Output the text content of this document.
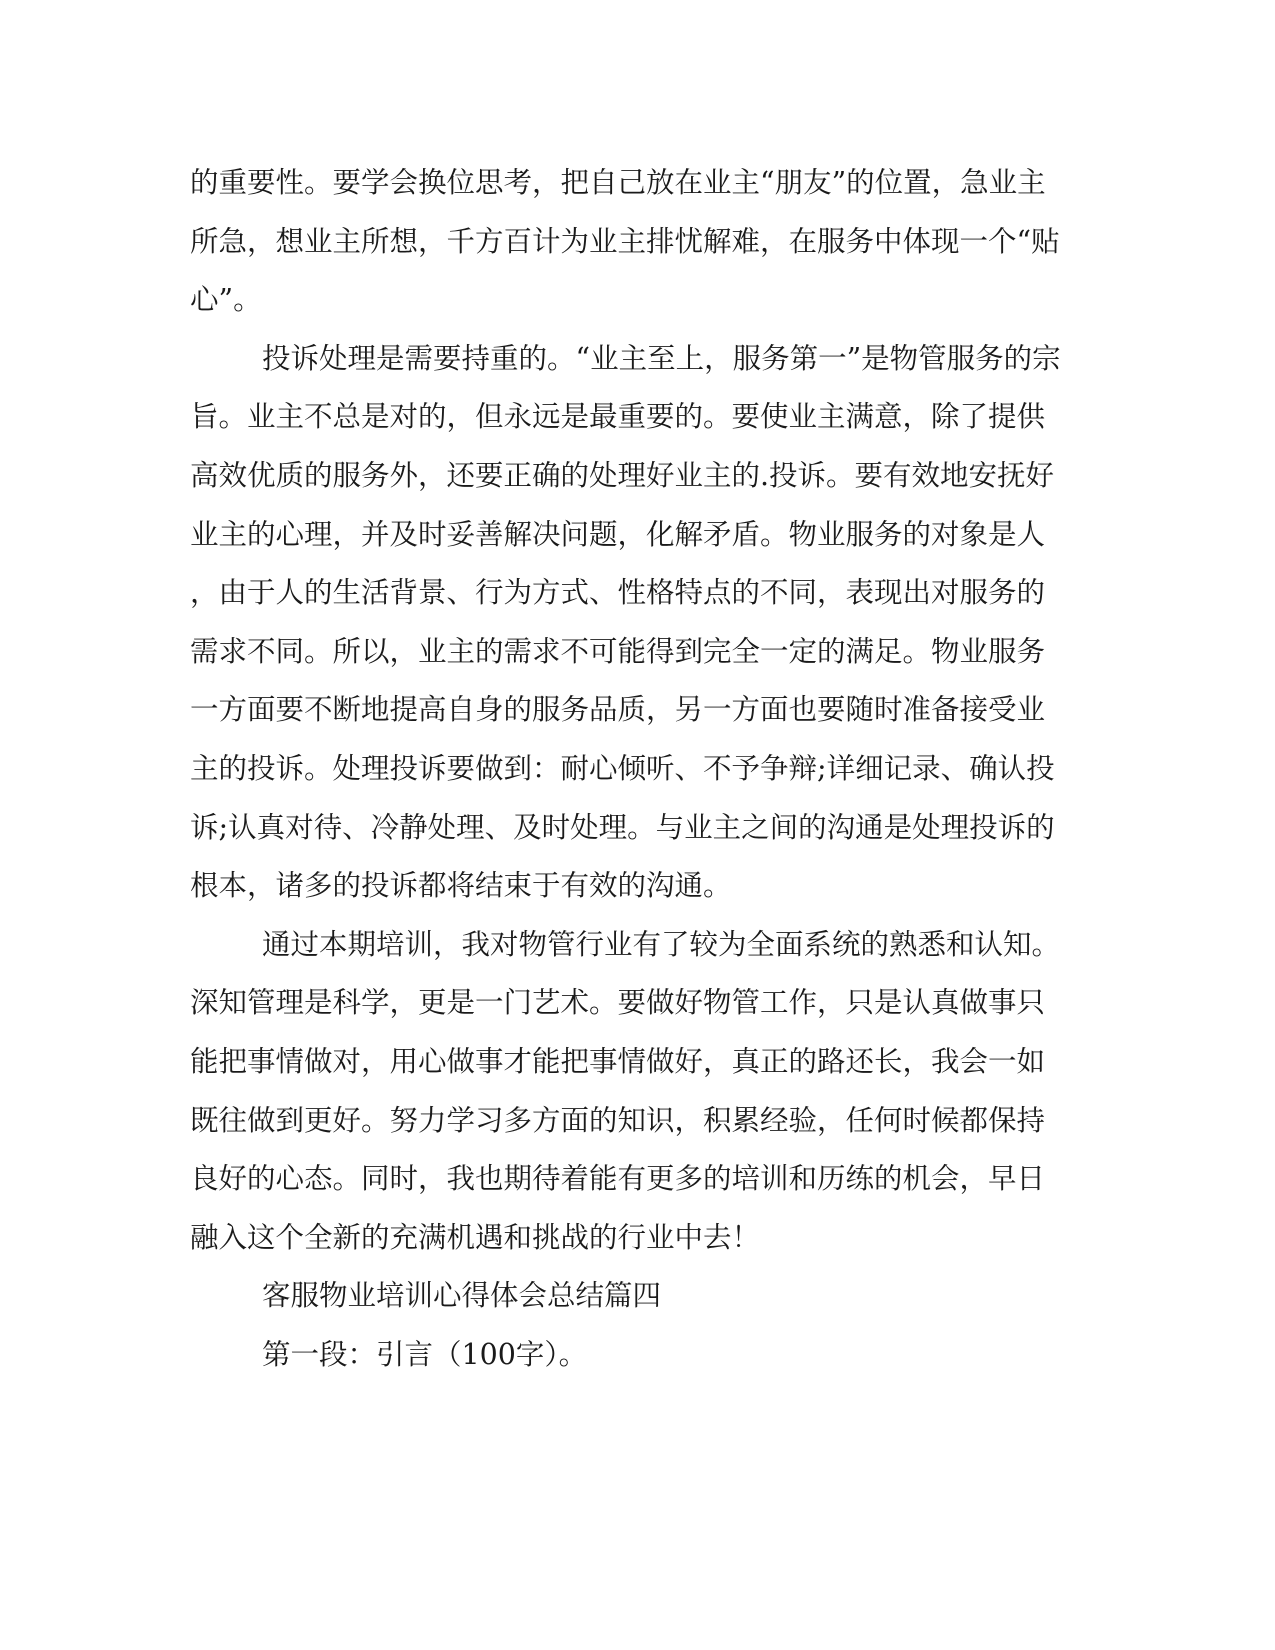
的重要性。要学会换位思考，把自己放在业主“朋友”的位置，急业主
所急，想业主所想，千方百计为业主排忧解难，在服务中体现一个“贴
心”。
投诉处理是需要持重的。“业主至上，服务第一”是物管服务的宗
旨。业主不总是对的，但永远是最重要的。要使业主满意，除了提供
高效优质的服务外，还要正确的处理好业主的.投诉。要有效地安抚好
业主的心理，并及时妥善解决问题，化解矛盾。物业服务的对象是人
，由于人的生活背景、行为方式、性格特点的不同，表现出对服务的
需求不同。所以，业主的需求不可能得到完全一定的满足。物业服务
一方面要不断地提高自身的服务品质，另一方面也要随时准备接受业
主的投诉。处理投诉要做到：耐心倾听、不予争辩;详细记录、确认投
诉;认真对待、冷静处理、及时处理。与业主之间的沟通是处理投诉的
根本，诸多的投诉都将结束于有效的沟通。
通过本期培训，我对物管行业有了较为全面系统的熟悉和认知。
深知管理是科学，更是一门艺术。要做好物管工作，只是认真做事只
能把事情做对，用心做事才能把事情做好，真正的路还长，我会一如
既往做到更好。努力学习多方面的知识，积累经验，任何时候都保持
良好的心态。同时，我也期待着能有更多的培训和历练的机会，早日
融入这个全新的充满机遇和挑战的行业中去！
客服物业培训心得体会总结篇四
第一段：引言（100字）。
